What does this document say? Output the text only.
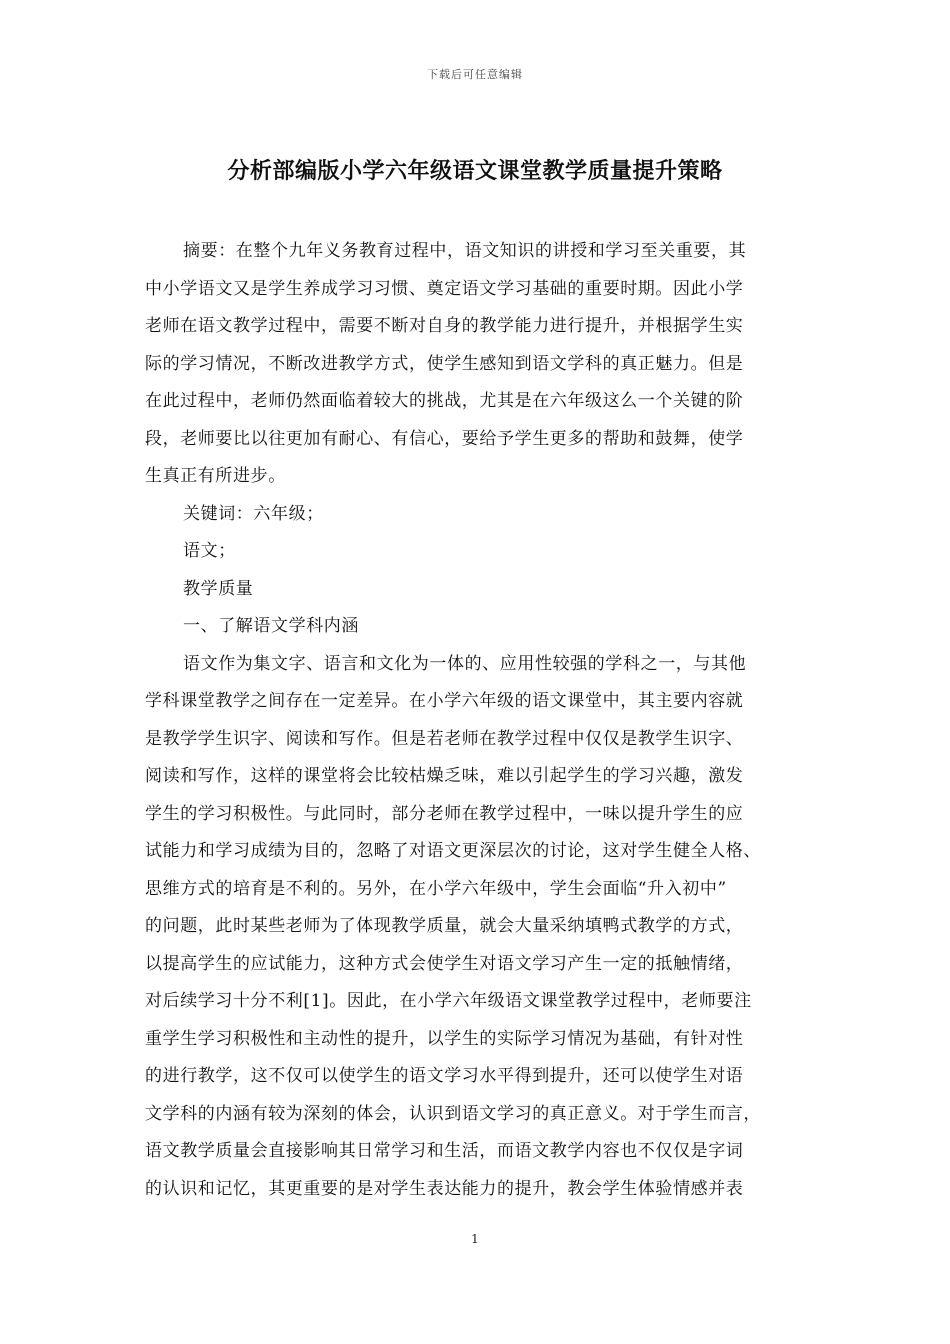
下载后可任意编辑
分析部编版小学六年级语文课堂教学质量提升策略
摘要：在整个九年义务教育过程中，语文知识的讲授和学习至关重要，其
中小学语文又是学生养成学习习惯、奠定语文学习基础的重要时期。因此小学
老师在语文教学过程中，需要不断对自身的教学能力进行提升，并根据学生实
际的学习情况，不断改进教学方式，使学生感知到语文学科的真正魅力。但是
在此过程中，老师仍然面临着较大的挑战，尤其是在六年级这么一个关键的阶
段，老师要比以往更加有耐心、有信心，要给予学生更多的帮助和鼓舞，使学
生真正有所进步。
关键词：六年级；
语文；
教学质量
一、了解语文学科内涵
语文作为集文字、语言和文化为一体的、应用性较强的学科之一，与其他
学科课堂教学之间存在一定差异。在小学六年级的语文课堂中，其主要内容就
是教学学生识字、阅读和写作。但是若老师在教学过程中仅仅是教学生识字、
阅读和写作，这样的课堂将会比较枯燥乏味，难以引起学生的学习兴趣，激发
学生的学习积极性。与此同时，部分老师在教学过程中，一味以提升学生的应
试能力和学习成绩为目的，忽略了对语文更深层次的讨论，这对学生健全人格、
思维方式的培育是不利的。另外，在小学六年级中，学生会面临“升入初中”
的问题，此时某些老师为了体现教学质量，就会大量采纳填鸭式教学的方式，
以提高学生的应试能力，这种方式会使学生对语文学习产生一定的抵触情绪，
对后续学习十分不利[1]。因此，在小学六年级语文课堂教学过程中，老师要注
重学生学习积极性和主动性的提升，以学生的实际学习情况为基础，有针对性
的进行教学，这不仅可以使学生的语文学习水平得到提升，还可以使学生对语
文学科的内涵有较为深刻的体会，认识到语文学习的真正意义。对于学生而言，
语文教学质量会直接影响其日常学习和生活，而语文教学内容也不仅仅是字词
的认识和记忆，其更重要的是对学生表达能力的提升，教会学生体验情感并表
1
